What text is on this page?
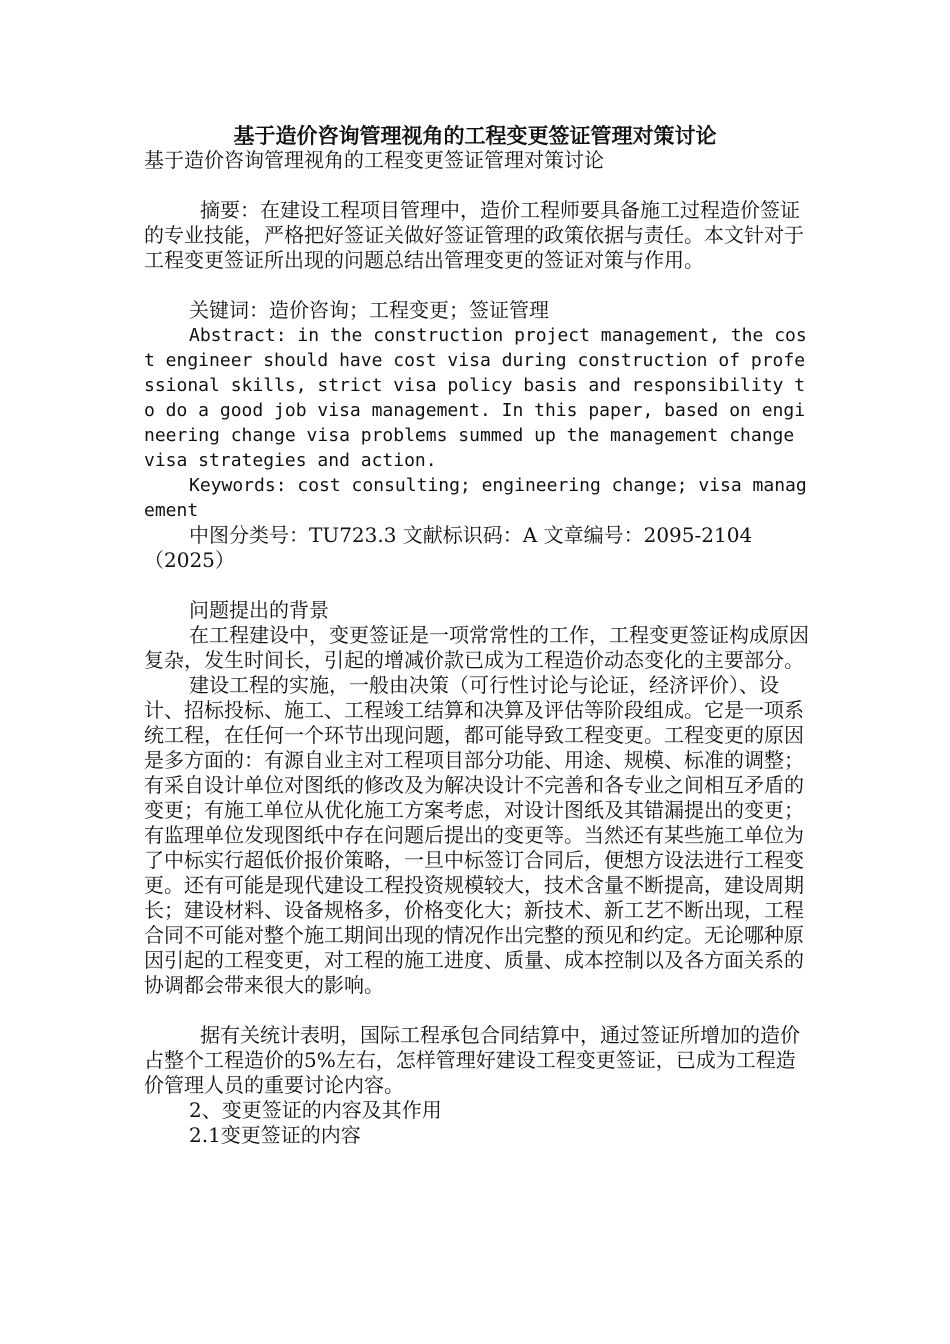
基于造价咨询管理视角的工程变更签证管理对策讨论

基于造价咨询管理视角的工程变更签证管理对策讨论

摘要：在建设工程项目管理中，造价工程师要具备施工过程造价签证的专业技能，严格把好签证关做好签证管理的政策依据与责任。本文针对于工程变更签证所出现的问题总结出管理变更的签证对策与作用。

关键词：造价咨询；工程变更；签证管理

Abstract: in the construction project management, the cost engineer should have cost visa during construction of professional skills, strict visa policy basis and responsibility to do a good job visa management. In this paper, based on engineering change visa problems summed up the management change visa strategies and action.

Keywords: cost consulting; engineering change; visa management

中图分类号：TU723.3 文献标识码：A 文章编号：2095-2104（2025）

问题提出的背景

在工程建设中，变更签证是一项常常性的工作，工程变更签证构成原因复杂，发生时间长，引起的增减价款已成为工程造价动态变化的主要部分。

建设工程的实施，一般由决策（可行性讨论与论证，经济评价）、设计、招标投标、施工、工程竣工结算和决算及评估等阶段组成。它是一项系统工程，在任何一个环节出现问题，都可能导致工程变更。工程变更的原因是多方面的：有源自业主对工程项目部分功能、用途、规模、标准的调整；有采自设计单位对图纸的修改及为解决设计不完善和各专业之间相互矛盾的变更；有施工单位从优化施工方案考虑，对设计图纸及其错漏提出的变更；有监理单位发现图纸中存在问题后提出的变更等。当然还有某些施工单位为了中标实行超低价报价策略，一旦中标签订合同后，便想方设法进行工程变更。还有可能是现代建设工程投资规模较大，技术含量不断提高，建设周期长；建设材料、设备规格多，价格变化大；新技术、新工艺不断出现，工程合同不可能对整个施工期间出现的情况作出完整的预见和约定。无论哪种原因引起的工程变更，对工程的施工进度、质量、成本控制以及各方面关系的协调都会带来很大的影响。

据有关统计表明，国际工程承包合同结算中，通过签证所增加的造价占整个工程造价的5%左右，怎样管理好建设工程变更签证，已成为工程造价管理人员的重要讨论内容。

2、变更签证的内容及其作用

2.1变更签证的内容
